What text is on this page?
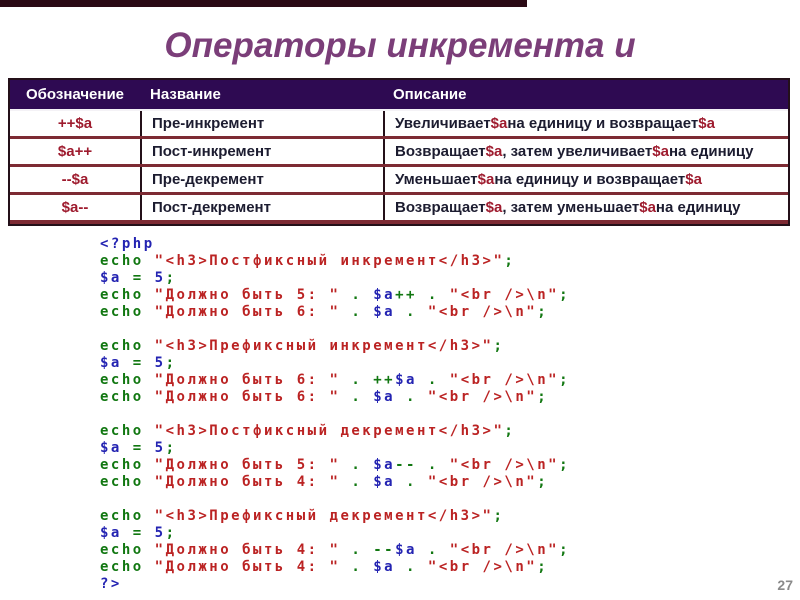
Операторы инкремента и
Обозначение	Название	Описание
++$a	Пре-инкремент	Увеличивает $a на единицу и возвращает $a
$a++	Пост-инкремент	Возвращает $a , затем увеличивает $a на единицу
--$a	Пре-декремент	Уменьшает $a на единицу и возвращает $a
$a--	Пост-декремент	Возвращает $a , затем уменьшает $a на единицу
<?php
echo "<h3>Постфиксный инкремент</h3>";
$a = 5;
echo "Должно быть 5: " . $a++ . "<br />\n";
echo "Должно быть 6: " . $a . "<br />\n";

echo "<h3>Префиксный инкремент</h3>";
$a = 5;
echo "Должно быть 6: " . ++$a . "<br />\n";
echo "Должно быть 6: " . $a . "<br />\n";

echo "<h3>Постфиксный декремент</h3>";
$a = 5;
echo "Должно быть 5: " . $a-- . "<br />\n";
echo "Должно быть 4: " . $a . "<br />\n";

echo "<h3>Префиксный декремент</h3>";
$a = 5;
echo "Должно быть 4: " . --$a . "<br />\n";
echo "Должно быть 4: " . $a . "<br />\n";
?>	27
